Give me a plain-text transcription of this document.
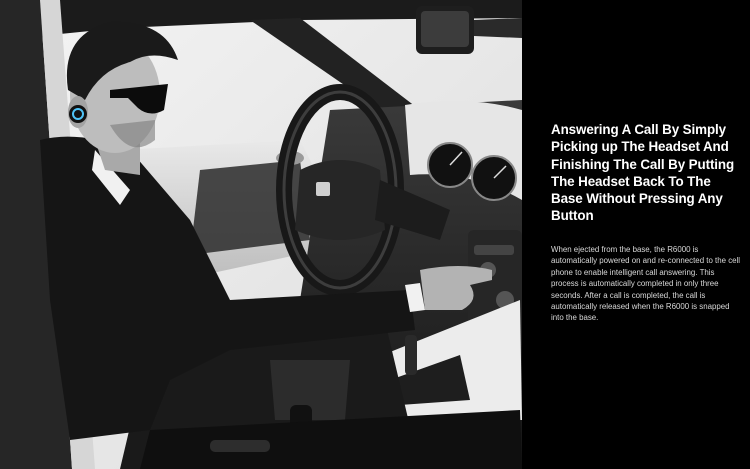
Answering A Call By Simply Picking up The Headset And Finishing The Call By Putting The Headset Back To The Base Without Pressing Any Button

When ejected from the base, the R6000 is automatically powered on and re-connected to the cell phone to enable intelligent call answering. This process is automatically completed in only three seconds. After a call is completed, the call is automatically released when the R6000 is snapped into the base.
